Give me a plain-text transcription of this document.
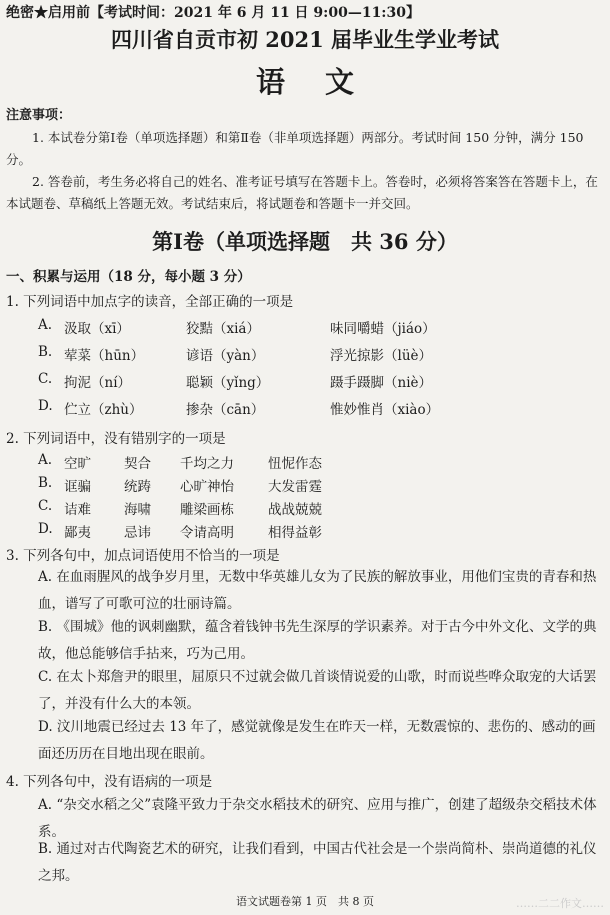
绝密★启用前【考试时间：2021 年 6 月 11 日 9:00—11:30】
四川省自贡市初 2021 届毕业生学业考试
语文
注意事项：
1. 本试卷分第Ⅰ卷（单项选择题）和第Ⅱ卷（非单项选择题）两部分。考试时间 150 分钟，满分 150 分。
2. 答卷前，考生务必将自己的姓名、准考证号填写在答题卡上。答卷时，必须将答案答在答题卡上，在本试题卷、草稿纸上答题无效。考试结束后，将试题卷和答题卡一并交回。
第Ⅰ卷（单项选择题　共 36 分）
一、积累与运用（18 分，每小题 3 分）
1. 下列词语中加点字的读音，全部正确的一项是
A. 汲取（xī）	狡黠（xiá）	味同嚼蜡（jiáo）
B. 荤菜（hūn）	谚语（yàn）	浮光掠影（lüè）
C. 拘泥（ní）	聪颖（yǐng）	蹑手蹑脚（niè）
D. 伫立（zhù）	掺杂（cān）	惟妙惟肖（xiào）
2. 下列词语中，没有错别字的一项是
A. 空旷 契合 千均之力	忸怩作态
B. 诓骗 统踌 心旷神怡	大发雷霆
C. 诘难 海啸 雕梁画栋	战战兢兢
D. 鄙夷 忌讳 令请高明	相得益彰
3. 下列各句中，加点词语使用不恰当的一项是
A. 在血雨腥风的战争岁月里，无数中华英雄儿女为了民族的解放事业，用他们宝贵的青春和热血，谱写了可歌可泣的壮丽诗篇。
B. 《围城》他的讽刺幽默，蕴含着钱钟书先生深厚的学识素养。对于古今中外文化、文学的典故，他总能够信手拈来，巧为己用。
C. 在太卜郑詹尹的眼里，屈原只不过就会做几首谈情说爱的山歌，时而说些哗众取宠的大话罢了，并没有什么大的本领。
D. 汶川地震已经过去 13 年了，感觉就像是发生在昨天一样，无数震惊的、悲伤的、感动的画面还历历在目地出现在眼前。
4. 下列各句中，没有语病的一项是
A. “杂交水稻之父”袁隆平致力于杂交水稻技术的研究、应用与推广，创建了超级杂交稻技术体系。
B. 通过对古代陶瓷艺术的研究，让我们看到，中国古代社会是一个崇尚简朴、崇尚道德的礼仪之邦。
语文试题卷第 1 页　共 8 页	……二二作文……
